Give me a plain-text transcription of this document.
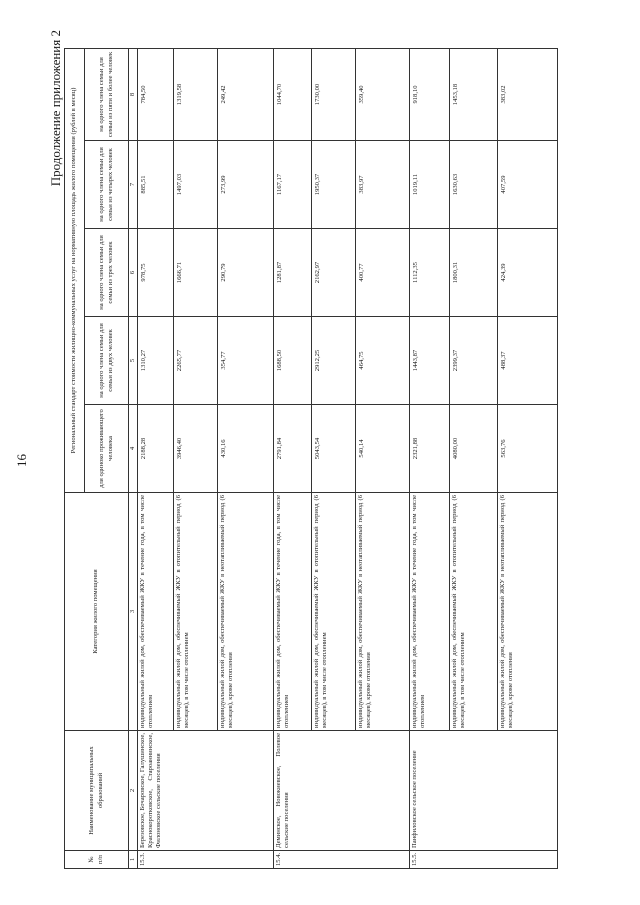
16
Продолжение приложения 2
№ п/п	Наименование муниципальных образований	Категория жилого помещения	Региональный стандарт стоимости жилищно-коммунальных услуг на нормативную площадь жилого помещения (рублей в месяц)				
			для одиноко проживающего человека	на одного члена семьи для семьи из двух человек	на одного члена семьи для семьи из трех человек	на одного члена семьи для семьи из четырех человек	на одного члена семьи для семьи из пяти и более человек

1	2	3	4	5	6	7	8
15.3.	Березовское, Бочаровское, Галушинское, Краснокоротковское, Староаннинское, Филоновское сельские поселения	индивидуальный жилой дом, обеспечиваемый ЖКУ в течение года, в том числе отоплением	2188,28	1310,27	978,75	885,51	784,50
		индивидуальный жилой дом, обеспечиваемый ЖКУ в отопительный период (6 месяцев), в том числе отоплением	3946,40	2265,77	1666,71	1497,03	1319,58
		индивидуальный жилой дом, обеспечиваемый ЖКУ в неотапливаемый период (6 месяцев), кроме отопления	430,16	354,77	290,79	273,99	249,42
15.4.	Деминское, Новокиевское, Полевое сельские поселения	индивидуальный жилой дом, обеспечиваемый ЖКУ в течение года, в том числе отоплением	2791,84	1688,50	1281,87	1167,17	1044,70
		индивидуальный жилой дом, обеспечиваемый ЖКУ в отопительный период (6 месяцев), в том числе отоплением	5043,54	2912,25	2162,97	1950,37	1730,00
		индивидуальный жилой дом, обеспечиваемый ЖКУ в неотапливаемый период (6 месяцев), кроме отопления	540,14	464,75	400,77	383,97	359,40
15.5.	Панфиловское сельское поселение	индивидуальный жилой дом, обеспечиваемый ЖКУ в течение года, в том числе отоплением	2321,88	1443,87	1112,35	1019,11	918,10
		индивидуальный жилой дом, обеспечиваемый ЖКУ в отопительный период (6 месяцев), в том числе отоплением	4080,00	2399,37	1800,31	1630,63	1453,18
		индивидуальный жилой дом, обеспечиваемый ЖКУ в неотапливаемый период (6 месяцев), кроме отопления	563,76	488,37	424,39	407,59	383,02
